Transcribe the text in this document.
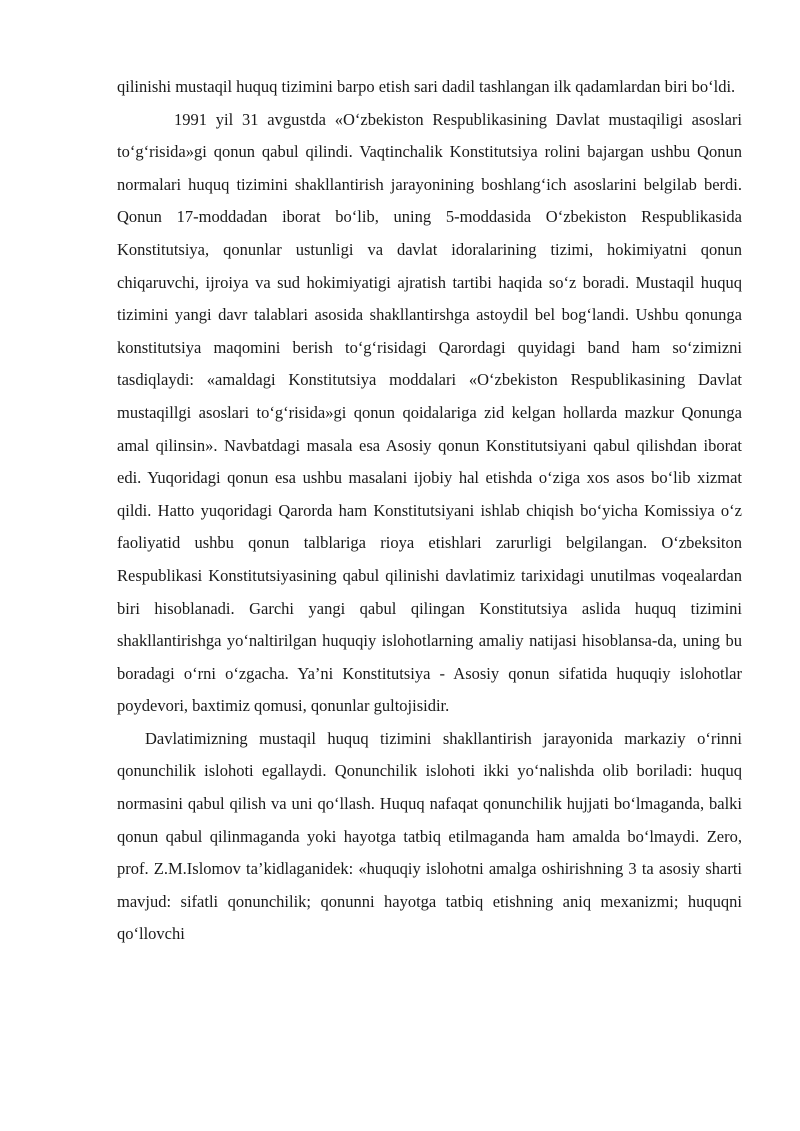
qilinishi mustaqil huquq tizimini barpo etish sari dadil tashlangan ilk qadamlardan biri bo‘ldi.

1991 yil 31 avgustda «O‘zbekiston Respublikasining Davlat mustaqiligi asoslari to‘g‘risida»gi qonun qabul qilindi. Vaqtinchalik Konstitutsiya rolini bajargan ushbu Qonun normalari huquq tizimini shakllantirish jarayonining boshlang‘ich asoslarini belgilab berdi. Qonun 17-moddadan iborat bo‘lib, uning 5-moddasida O‘zbekiston Respublikasida Konstitutsiya, qonunlar ustunligi va davlat idoralarining tizimi, hokimiyatni qonun chiqaruvchi, ijroiya va sud hokimiyatigi ajratish tartibi haqida so‘z boradi. Mustaqil huquq tizimini yangi davr talablari asosida shakllantirshga astoydil bel bog‘landi. Ushbu qonunga konstitutsiya maqomini berish to‘g‘risidagi Qarordagi quyidagi band ham so‘zimizni tasdiqlaydi: «amaldagi Konstitutsiya moddalari «O‘zbekiston Respublikasining Davlat mustaqillgi asoslari to‘g‘risida»gi qonun qoidalariga zid kelgan hollarda mazkur Qonunga amal qilinsin». Navbatdagi masala esa Asosiy qonun Konstitutsiyani qabul qilishdan iborat edi. Yuqoridagi qonun esa ushbu masalani ijobiy hal etishda o‘ziga xos asos bo‘lib xizmat qildi. Hatto yuqoridagi Qarorda ham Konstitutsiyani ishlab chiqish bo‘yicha Komissiya o‘z faoliyatid ushbu qonun talblariga rioya etishlari zarurligi belgilangan. O‘zbeksiton Respublikasi Konstitutsiyasining qabul qilinishi davlatimiz tarixidagi unutilmas voqealardan biri hisoblanadi. Garchi yangi qabul qilingan Konstitutsiya aslida huquq tizimini shakllantirishga yo‘naltirilgan huquqiy islohotlarning amaliy natijasi hisoblansa-da, uning bu boradagi o‘rni o‘zgacha. Ya’ni Konstitutsiya - Asosiy qonun sifatida huquqiy islohotlar poydevori, baxtimiz qomusi, qonunlar gultojisidir.

Davlatimizning mustaqil huquq tizimini shakllantirish jarayonida markaziy o‘rinni qonunchilik islohoti egallaydi. Qonunchilik islohoti ikki yo‘nalishda olib boriladi: huquq normasini qabul qilish va uni qo‘llash. Huquq nafaqat qonunchilik hujjati bo‘lmaganda, balki qonun qabul qilinmaganda yoki hayotga tatbiq etilmaganda ham amalda bo‘lmaydi. Zero, prof. Z.M.Islomov ta’kidlaganidek: «huquqiy islohotni amalga oshirishning 3 ta asosiy sharti mavjud: sifatli qonunchilik; qonunni hayotga tatbiq etishning aniq mexanizmi; huquqni qo‘llovchi
